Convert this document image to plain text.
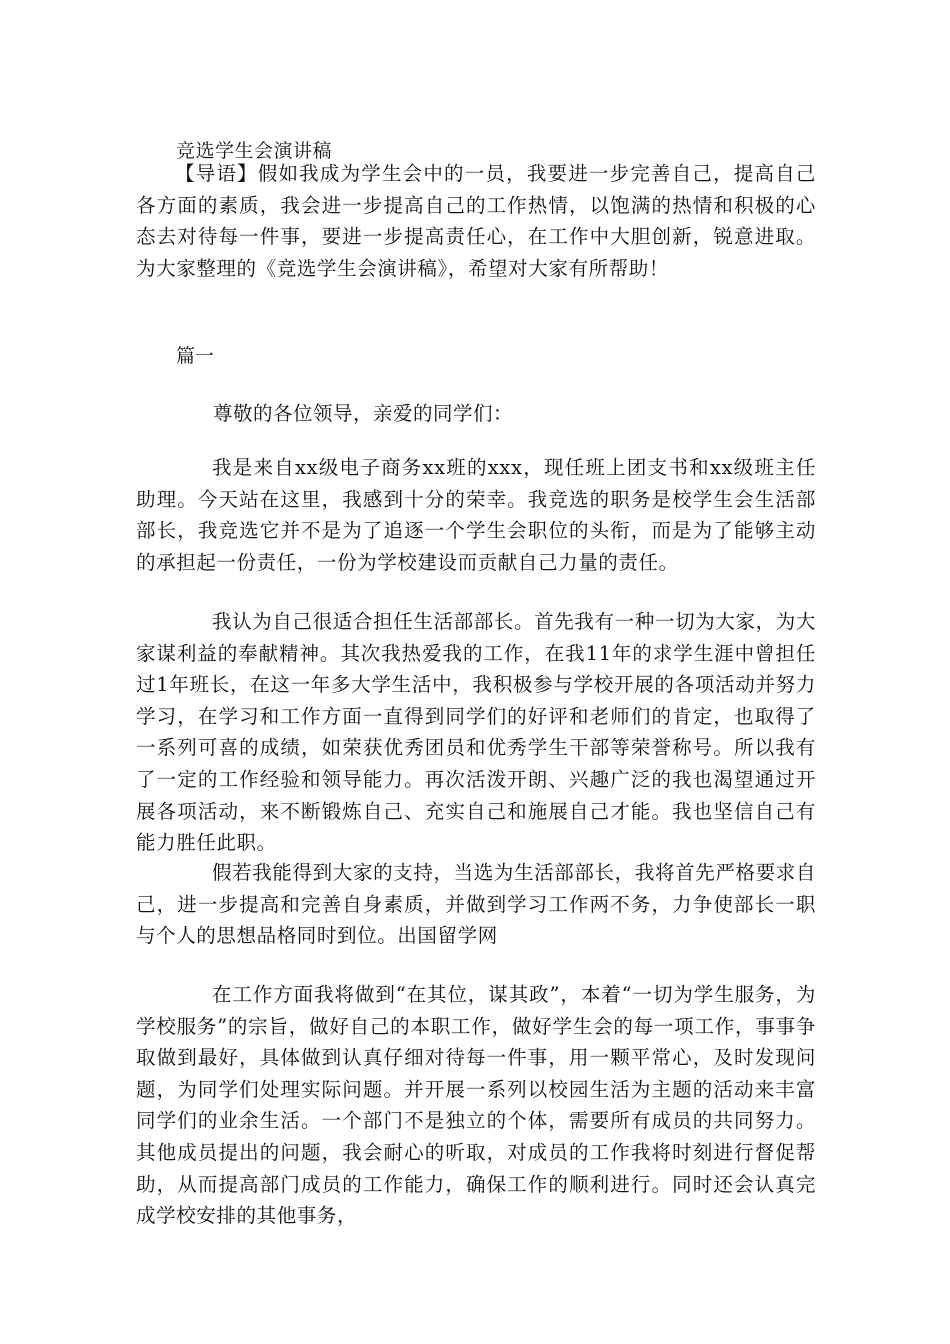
竞选学生会演讲稿

【导语】假如我成为学生会中的一员，我要进一步完善自己，提高自己各方面的素质，我会进一步提高自己的工作热情，以饱满的热情和积极的心态去对待每一件事，要进一步提高责任心，在工作中大胆创新，锐意进取。为大家整理的《竞选学生会演讲稿》，希望对大家有所帮助！

篇一
尊敬的各位领导，亲爱的同学们：

我是来自xx级电子商务xx班的xxx，现任班上团支书和xx级班主任助理。今天站在这里，我感到十分的荣幸。我竞选的职务是校学生会生活部部长，我竞选它并不是为了追逐一个学生会职位的头衔，而是为了能够主动的承担起一份责任，一份为学校建设而贡献自己力量的责任。

我认为自己很适合担任生活部部长。首先我有一种一切为大家，为大家谋利益的奉献精神。其次我热爱我的工作，在我11年的求学生涯中曾担任过1年班长，在这一年多大学生活中，我积极参与学校开展的各项活动并努力学习，在学习和工作方面一直得到同学们的好评和老师们的肯定，也取得了一系列可喜的成绩，如荣获优秀团员和优秀学生干部等荣誉称号。所以我有了一定的工作经验和领导能力。再次活泼开朗、兴趣广泛的我也渴望通过开展各项活动，来不断锻炼自己、充实自己和施展自己才能。我也坚信自己有能力胜任此职。

假若我能得到大家的支持，当选为生活部部长，我将首先严格要求自己，进一步提高和完善自身素质，并做到学习工作两不务，力争使部长一职与个人的思想品格同时到位。出国留学网

在工作方面我将做到“在其位，谋其政”，本着“一切为学生服务，为学校服务”的宗旨，做好自己的本职工作，做好学生会的每一项工作，事事争取做到最好，具体做到认真仔细对待每一件事，用一颗平常心，及时发现问题，为同学们处理实际问题。并开展一系列以校园生活为主题的活动来丰富同学们的业余生活。一个部门不是独立的个体，需要所有成员的共同努力。其他成员提出的问题，我会耐心的听取，对成员的工作我将时刻进行督促帮助，从而提高部门成员的工作能力，确保工作的顺利进行。同时还会认真完成学校安排的其他事务，
